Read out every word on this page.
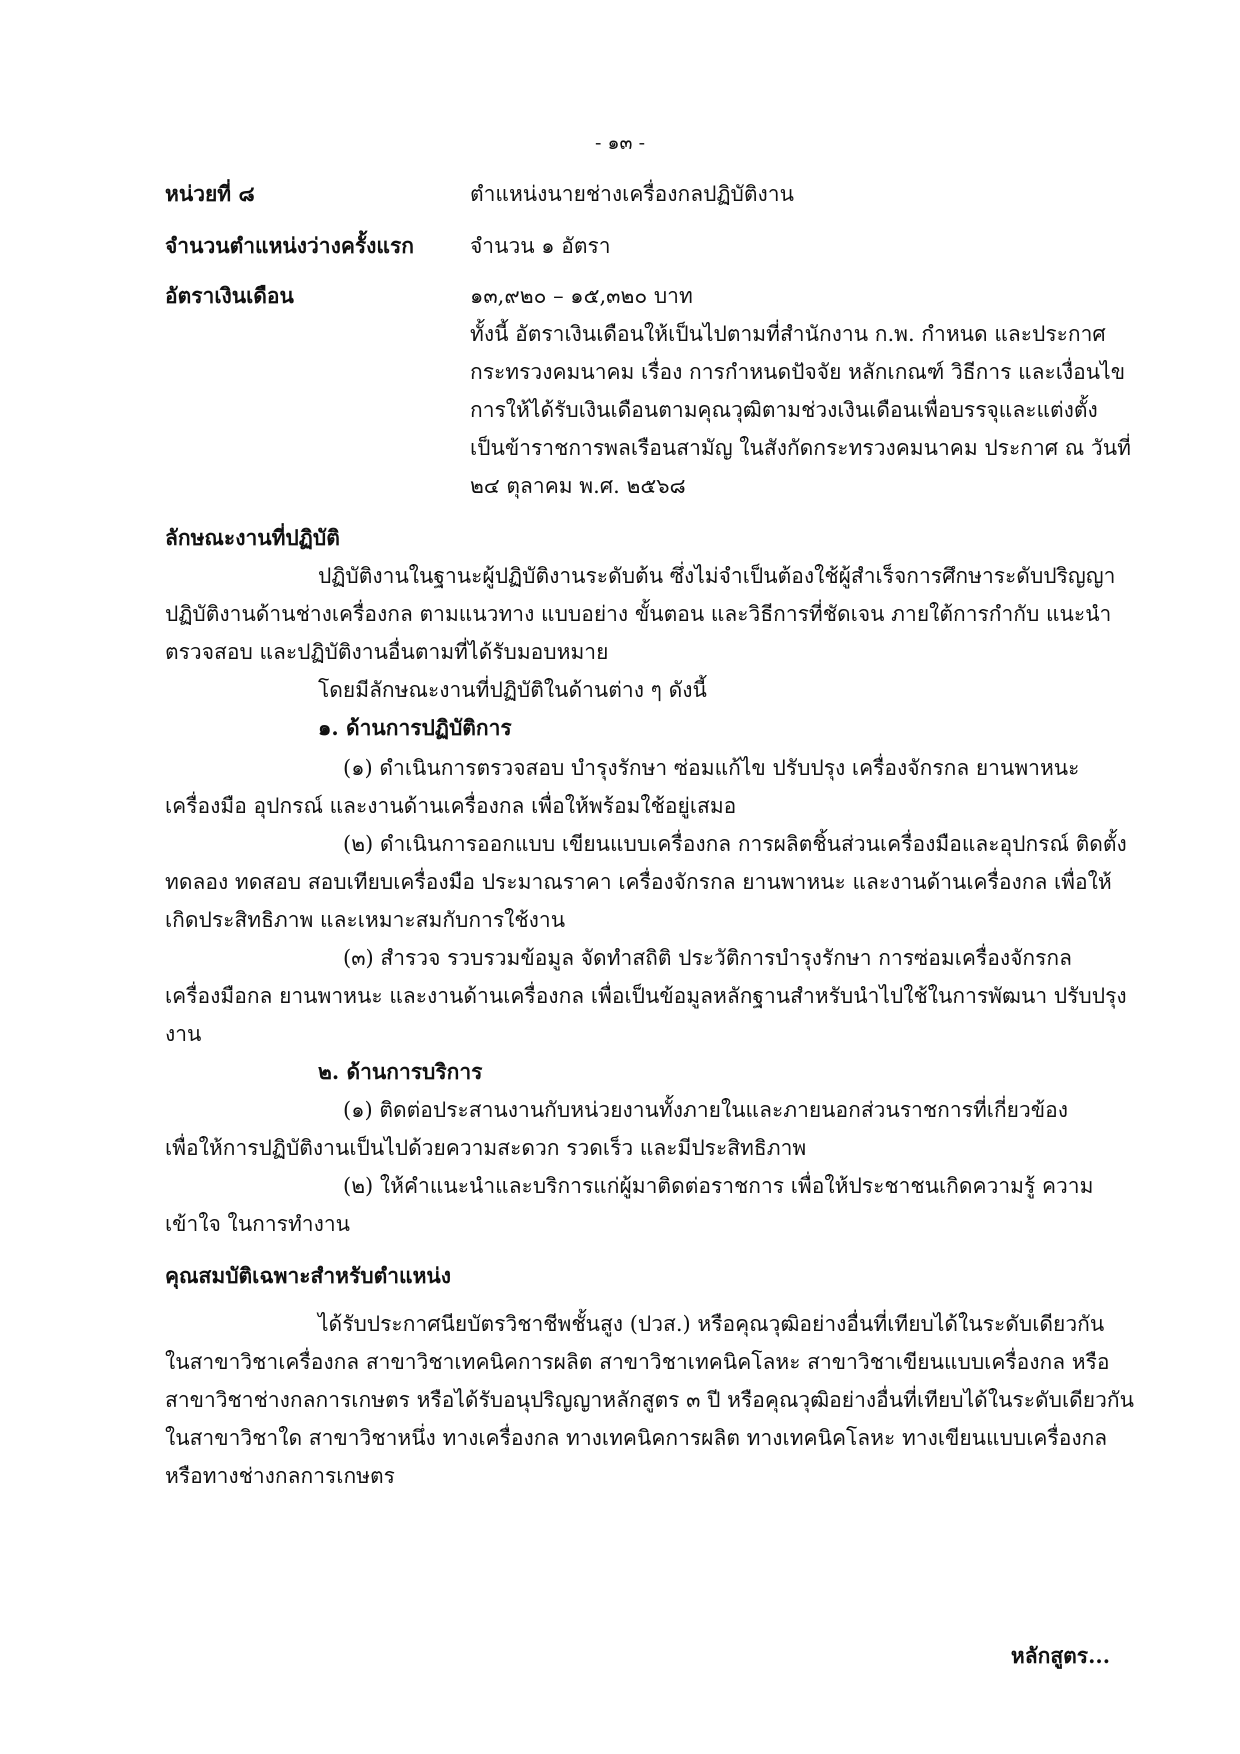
- ๑๓ -
หน่วยที่ ๘	ตำแหน่งนายช่างเครื่องกลปฏิบัติงาน
จำนวนตำแหน่งว่างครั้งแรก	จำนวน ๑ อัตรา
อัตราเงินเดือน	๑๓,๙๒๐ – ๑๕,๓๒๐ บาท
ทั้งนี้ อัตราเงินเดือนให้เป็นไปตามที่สำนักงาน ก.พ. กำหนด และประกาศ
กระทรวงคมนาคม เรื่อง การกำหนดปัจจัย หลักเกณฑ์ วิธีการ และเงื่อนไข
การให้ได้รับเงินเดือนตามคุณวุฒิตามช่วงเงินเดือนเพื่อบรรจุและแต่งตั้ง
เป็นข้าราชการพลเรือนสามัญ ในสังกัดกระทรวงคมนาคม ประกาศ ณ วันที่
๒๔ ตุลาคม พ.ศ. ๒๕๖๘
ลักษณะงานที่ปฏิบัติ
ปฏิบัติงานในฐานะผู้ปฏิบัติงานระดับต้น ซึ่งไม่จำเป็นต้องใช้ผู้สำเร็จการศึกษาระดับปริญญา
ปฏิบัติงานด้านช่างเครื่องกล ตามแนวทาง แบบอย่าง ขั้นตอน และวิธีการที่ชัดเจน ภายใต้การกำกับ แนะนำ
ตรวจสอบ และปฏิบัติงานอื่นตามที่ได้รับมอบหมาย
โดยมีลักษณะงานที่ปฏิบัติในด้านต่าง ๆ ดังนี้
๑. ด้านการปฏิบัติการ
(๑) ดำเนินการตรวจสอบ บำรุงรักษา ซ่อมแก้ไข ปรับปรุง เครื่องจักรกล ยานพาหนะ
เครื่องมือ อุปกรณ์ และงานด้านเครื่องกล เพื่อให้พร้อมใช้อยู่เสมอ
(๒) ดำเนินการออกแบบ เขียนแบบเครื่องกล การผลิตชิ้นส่วนเครื่องมือและอุปกรณ์ ติดตั้ง
ทดลอง ทดสอบ สอบเทียบเครื่องมือ ประมาณราคา เครื่องจักรกล ยานพาหนะ และงานด้านเครื่องกล เพื่อให้
เกิดประสิทธิภาพ และเหมาะสมกับการใช้งาน
(๓) สำรวจ รวบรวมข้อมูล จัดทำสถิติ ประวัติการบำรุงรักษา การซ่อมเครื่องจักรกล
เครื่องมือกล ยานพาหนะ และงานด้านเครื่องกล เพื่อเป็นข้อมูลหลักฐานสำหรับนำไปใช้ในการพัฒนา ปรับปรุง
งาน
๒. ด้านการบริการ
(๑) ติดต่อประสานงานกับหน่วยงานทั้งภายในและภายนอกส่วนราชการที่เกี่ยวข้อง
เพื่อให้การปฏิบัติงานเป็นไปด้วยความสะดวก รวดเร็ว และมีประสิทธิภาพ
(๒) ให้คำแนะนำและบริการแก่ผู้มาติดต่อราชการ เพื่อให้ประชาชนเกิดความรู้ ความ
เข้าใจ ในการทำงาน
คุณสมบัติเฉพาะสำหรับตำแหน่ง
ได้รับประกาศนียบัตรวิชาชีพชั้นสูง (ปวส.) หรือคุณวุฒิอย่างอื่นที่เทียบได้ในระดับเดียวกัน
ในสาขาวิชาเครื่องกล สาขาวิชาเทคนิคการผลิต สาขาวิชาเทคนิคโลหะ สาขาวิชาเขียนแบบเครื่องกล หรือ
สาขาวิชาช่างกลการเกษตร หรือได้รับอนุปริญญาหลักสูตร ๓ ปี หรือคุณวุฒิอย่างอื่นที่เทียบได้ในระดับเดียวกัน
ในสาขาวิชาใด สาขาวิชาหนึ่ง ทางเครื่องกล ทางเทคนิคการผลิต ทางเทคนิคโลหะ ทางเขียนแบบเครื่องกล
หรือทางช่างกลการเกษตร
หลักสูตร...
